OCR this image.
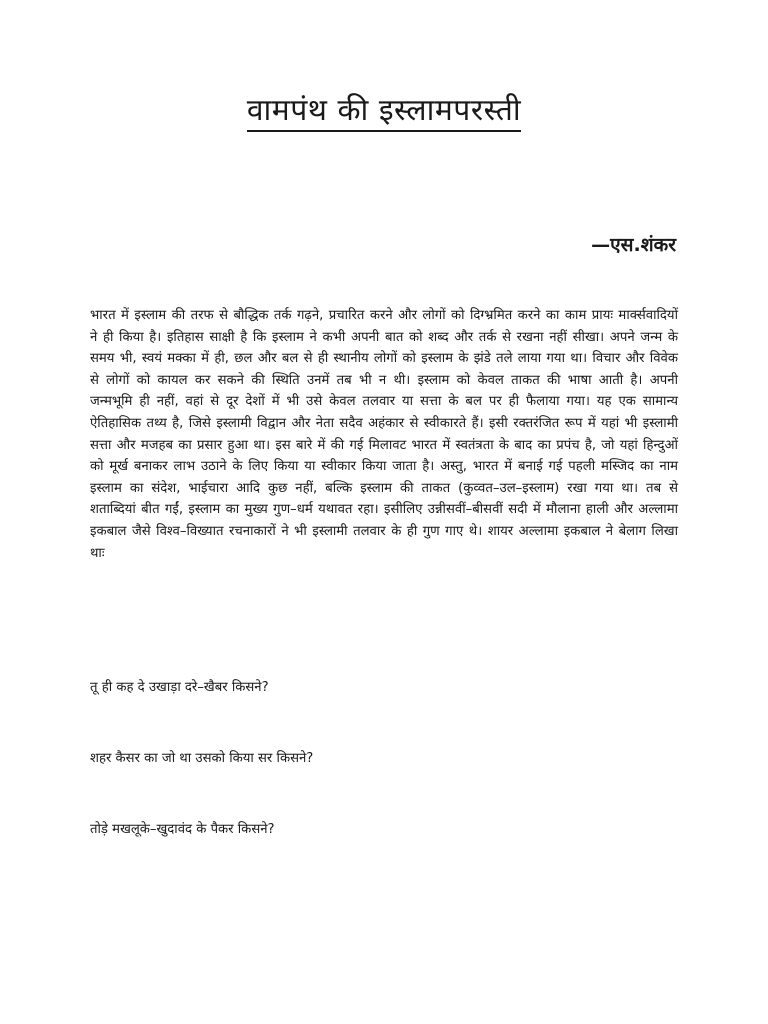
वामपंथ की इस्लामपरस्ती

—एस.शंकर

भारत में इस्लाम की तरफ से बौद्धिक तर्क गढ़ने, प्रचारित करने और लोगों को दिग्भ्रमित करने का काम प्रायः मार्क्सवादियों ने ही किया है। इतिहास साक्षी है कि इस्लाम ने कभी अपनी बात को शब्द और तर्क से रखना नहीं सीखा। अपने जन्म के समय भी, स्वयं मक्का में ही, छल और बल से ही स्थानीय लोगों को इस्लाम के झंडे तले लाया गया था। विचार और विवेक से लोगों को कायल कर सकने की स्थिति उनमें तब भी न थी। इस्लाम को केवल ताकत की भाषा आती है। अपनी जन्मभूमि ही नहीं, वहां से दूर देशों में भी उसे केवल तलवार या सत्ता के बल पर ही फैलाया गया। यह एक सामान्य ऐतिहासिक तथ्य है, जिसे इस्लामी विद्वान और नेता सदैव अहंकार से स्वीकारते हैं। इसी रक्तरंजित रूप में यहां भी इस्लामी सत्ता और मजहब का प्रसार हुआ था। इस बारे में की गई मिलावट भारत में स्वतंत्रता के बाद का प्रपंच है, जो यहां हिन्दुओं को मूर्ख बनाकर लाभ उठाने के लिए किया या स्वीकार किया जाता है। अस्तु, भारत में बनाई गई पहली मस्जिद का नाम इस्लाम का संदेश, भाईचारा आदि कुछ नहीं, बल्कि इस्लाम की ताकत (कुव्वत–उल–इस्लाम) रखा गया था। तब से शताब्दियां बीत गईं, इस्लाम का मुख्य गुण–धर्म यथावत रहा। इसीलिए उन्नीसवीं–बीसवीं सदी में मौलाना हाली और अल्लामा इकबाल जैसे विश्व–विख्यात रचनाकारों ने भी इस्लामी तलवार के ही गुण गाए थे। शायर अल्लामा इकबाल ने बेलाग लिखा थाः

तू ही कह दे उखाड़ा दरे–खैबर किसने?

शहर कैसर का जो था उसको किया सर किसने?

तोड़े मखलूके–खुदावंद के पैकर किसने?
